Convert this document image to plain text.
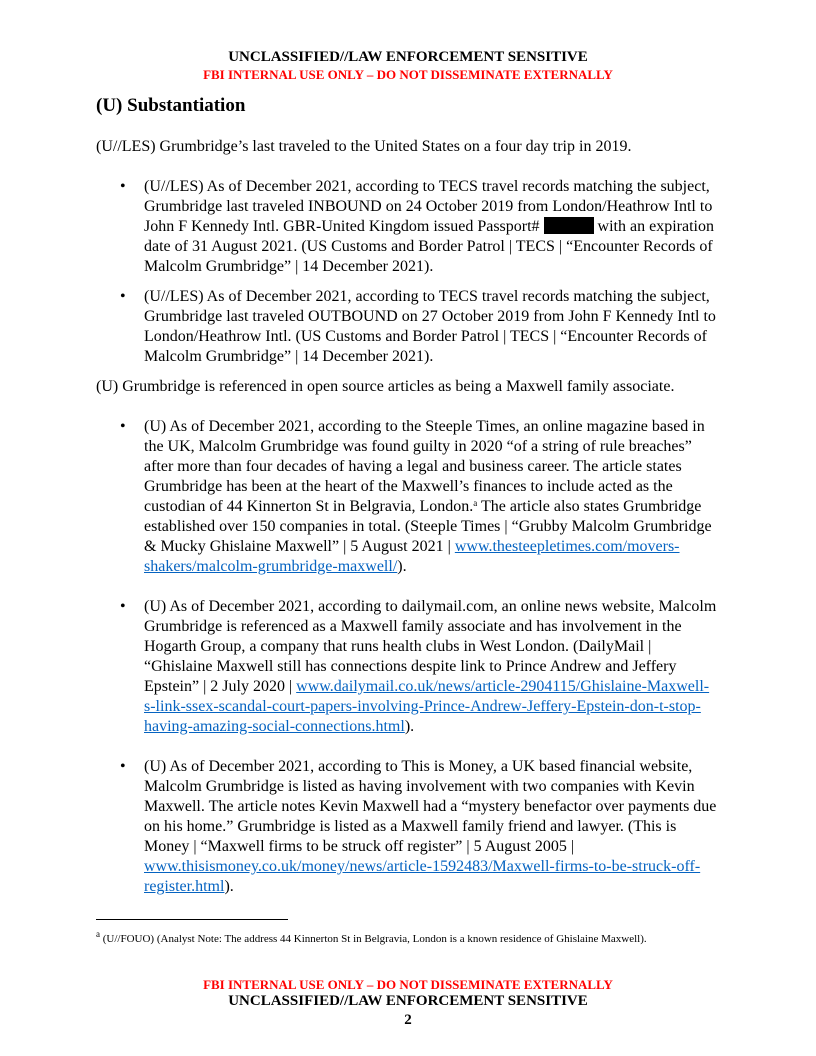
UNCLASSIFIED//LAW ENFORCEMENT SENSITIVE
FBI INTERNAL USE ONLY – DO NOT DISSEMINATE EXTERNALLY
(U) Substantiation
(U//LES) Grumbridge’s last traveled to the United States on a four day trip in 2019.
• (U//LES) As of December 2021, according to TECS travel records matching the subject, Grumbridge last traveled INBOUND on 24 October 2019 from London/Heathrow Intl to John F Kennedy Intl. GBR-United Kingdom issued Passport#	with an expiration date of 31 August 2021. (US Customs and Border Patrol | TECS | “Encounter Records of Malcolm Grumbridge” | 14 December 2021).
• (U//LES) As of December 2021, according to TECS travel records matching the subject, Grumbridge last traveled OUTBOUND on 27 October 2019 from John F Kennedy Intl to London/Heathrow Intl. (US Customs and Border Patrol | TECS | “Encounter Records of Malcolm Grumbridge” | 14 December 2021).
(U) Grumbridge is referenced in open source articles as being a Maxwell family associate.
• (U) As of December 2021, according to the Steeple Times, an online magazine based in the UK, Malcolm Grumbridge was found guilty in 2020 “of a string of rule breaches” after more than four decades of having a legal and business career. The article states Grumbridge has been at the heart of the Maxwell’s finances to include acted as the custodian of 44 Kinnerton St in Belgravia, London.$^a$ The article also states Grumbridge established over 150 companies in total. (Steeple Times | “Grubby Malcolm Grumbridge & Mucky Ghislaine Maxwell” | 5 August 2021 | www.thesteepletimes.com/movers-shakers/malcolm-grumbridge-maxwell/).
• (U) As of December 2021, according to dailymail.com, an online news website, Malcolm Grumbridge is referenced as a Maxwell family associate and has involvement in the Hogarth Group, a company that runs health clubs in West London. (DailyMail | “Ghislaine Maxwell still has connections despite link to Prince Andrew and Jeffery Epstein” | 2 July 2020 | www.dailymail.co.uk/news/article-2904115/Ghislaine-Maxwell-s-link-ssex-scandal-court-papers-involving-Prince-Andrew-Jeffery-Epstein-don-t-stop-having-amazing-social-connections.html).
• (U) As of December 2021, according to This is Money, a UK based financial website, Malcolm Grumbridge is listed as having involvement with two companies with Kevin Maxwell. The article notes Kevin Maxwell had a “mystery benefactor over payments due on his home.” Grumbridge is listed as a Maxwell family friend and lawyer. (This is Money | “Maxwell firms to be struck off register” | 5 August 2005 | www.thisismoney.co.uk/money/news/article-1592483/Maxwell-firms-to-be-struck-off-register.html).
$^a$ (U//FOUO) (Analyst Note: The address 44 Kinnerton St in Belgravia, London is a known residence of Ghislaine Maxwell).
FBI INTERNAL USE ONLY – DO NOT DISSEMINATE EXTERNALLY
UNCLASSIFIED//LAW ENFORCEMENT SENSITIVE
2
